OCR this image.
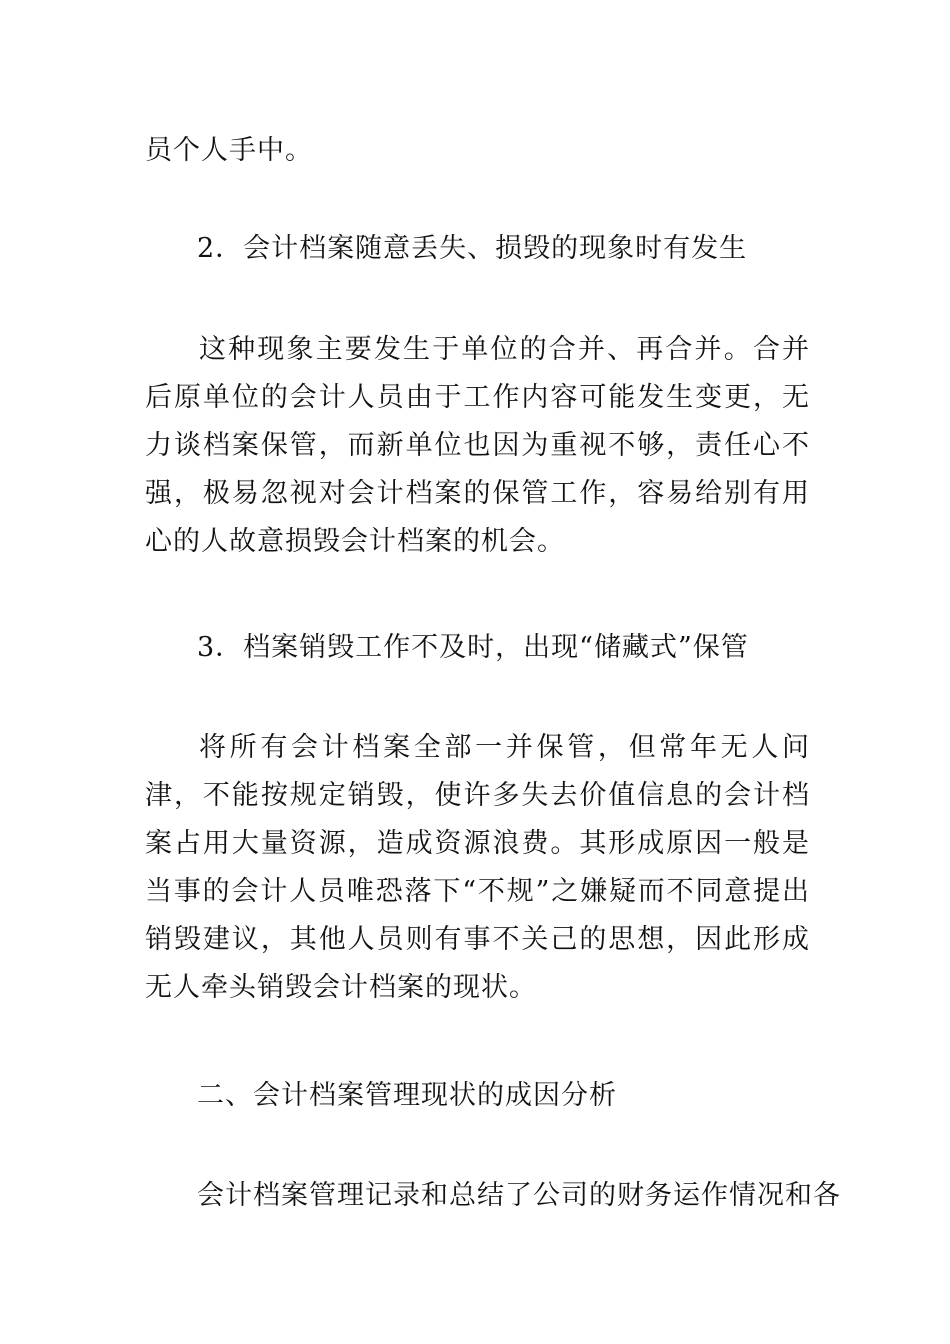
员个人手中。
2．会计档案随意丢失、损毁的现象时有发生
这种现象主要发生于单位的合并、再合并。合并后原单位的会计人员由于工作内容可能发生变更，无力谈档案保管，而新单位也因为重视不够，责任心不强，极易忽视对会计档案的保管工作，容易给别有用心的人故意损毁会计档案的机会。
3．档案销毁工作不及时，出现“储藏式”保管
将所有会计档案全部一并保管，但常年无人问津，不能按规定销毁，使许多失去价值信息的会计档案占用大量资源，造成资源浪费。其形成原因一般是当事的会计人员唯恐落下“不规”之嫌疑而不同意提出销毁建议，其他人员则有事不关己的思想，因此形成无人牵头销毁会计档案的现状。
二、会计档案管理现状的成因分析
会计档案管理记录和总结了公司的财务运作情况和各
